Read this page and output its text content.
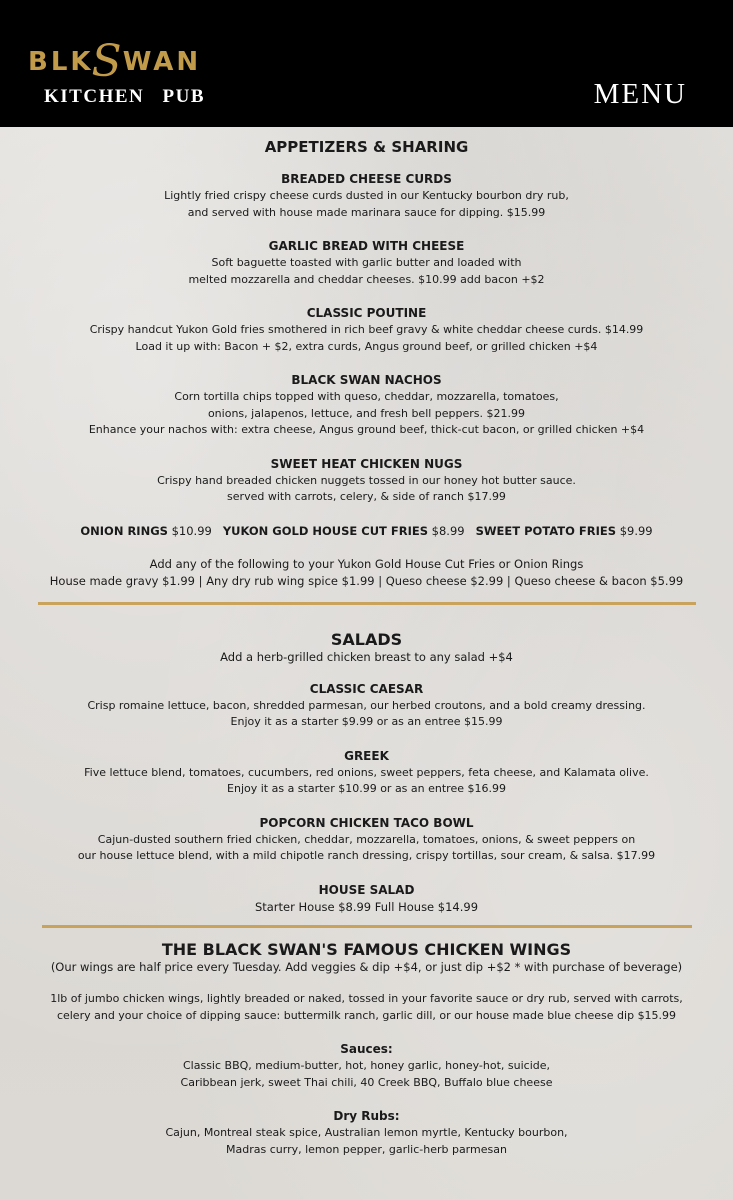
BLKSWAN
KITCHEN PUB	MENU
APPETIZERS & SHARING

BREADED CHEESE CURDS

Lightly fried crispy cheese curds dusted in our Kentucky bourbon dry rub,

and served with house made marinara sauce for dipping. $15.99

GARLIC BREAD WITH CHEESE

Soft baguette toasted with garlic butter and loaded with

melted mozzarella and cheddar cheeses. $10.99 add bacon +$2

CLASSIC POUTINE

Crispy handcut Yukon Gold fries smothered in rich beef gravy & white cheddar cheese curds. $14.99

Load it up with: Bacon + $2, extra curds, Angus ground beef, or grilled chicken +$4

BLACK SWAN NACHOS

Corn tortilla chips topped with queso, cheddar, mozzarella, tomatoes,

onions, jalapenos, lettuce, and fresh bell peppers. $21.99

Enhance your nachos with: extra cheese, Angus ground beef, thick-cut bacon, or grilled chicken +$4

SWEET HEAT CHICKEN NUGS

Crispy hand breaded chicken nuggets tossed in our honey hot butter sauce.

served with carrots, celery, & side of ranch $17.99

ONION RINGS $10.99 YUKON GOLD HOUSE CUT FRIES $8.99 SWEET POTATO FRIES $9.99

Add any of the following to your Yukon Gold House Cut Fries or Onion Rings

House made gravy $1.99 | Any dry rub wing spice $1.99 | Queso cheese $2.99 | Queso cheese & bacon $5.99

SALADS

Add a herb-grilled chicken breast to any salad +$4

CLASSIC CAESAR

Crisp romaine lettuce, bacon, shredded parmesan, our herbed croutons, and a bold creamy dressing.

Enjoy it as a starter $9.99 or as an entree $15.99

GREEK

Five lettuce blend, tomatoes, cucumbers, red onions, sweet peppers, feta cheese, and Kalamata olive.

Enjoy it as a starter $10.99 or as an entree $16.99

POPCORN CHICKEN TACO BOWL

Cajun-dusted southern fried chicken, cheddar, mozzarella, tomatoes, onions, & sweet peppers on

our house lettuce blend, with a mild chipotle ranch dressing, crispy tortillas, sour cream, & salsa. $17.99

HOUSE SALAD

Starter House $8.99 Full House $14.99

THE BLACK SWAN'S FAMOUS CHICKEN WINGS

(Our wings are half price every Tuesday. Add veggies & dip +$4, or just dip +$2 * with purchase of beverage)

1lb of jumbo chicken wings, lightly breaded or naked, tossed in your favorite sauce or dry rub, served with carrots,

celery and your choice of dipping sauce: buttermilk ranch, garlic dill, or our house made blue cheese dip $15.99

Sauces:

Classic BBQ, medium-butter, hot, honey garlic, honey-hot, suicide,

Caribbean jerk, sweet Thai chili, 40 Creek BBQ, Buffalo blue cheese

Dry Rubs:

Cajun, Montreal steak spice, Australian lemon myrtle, Kentucky bourbon,

Madras curry, lemon pepper, garlic-herb parmesan
